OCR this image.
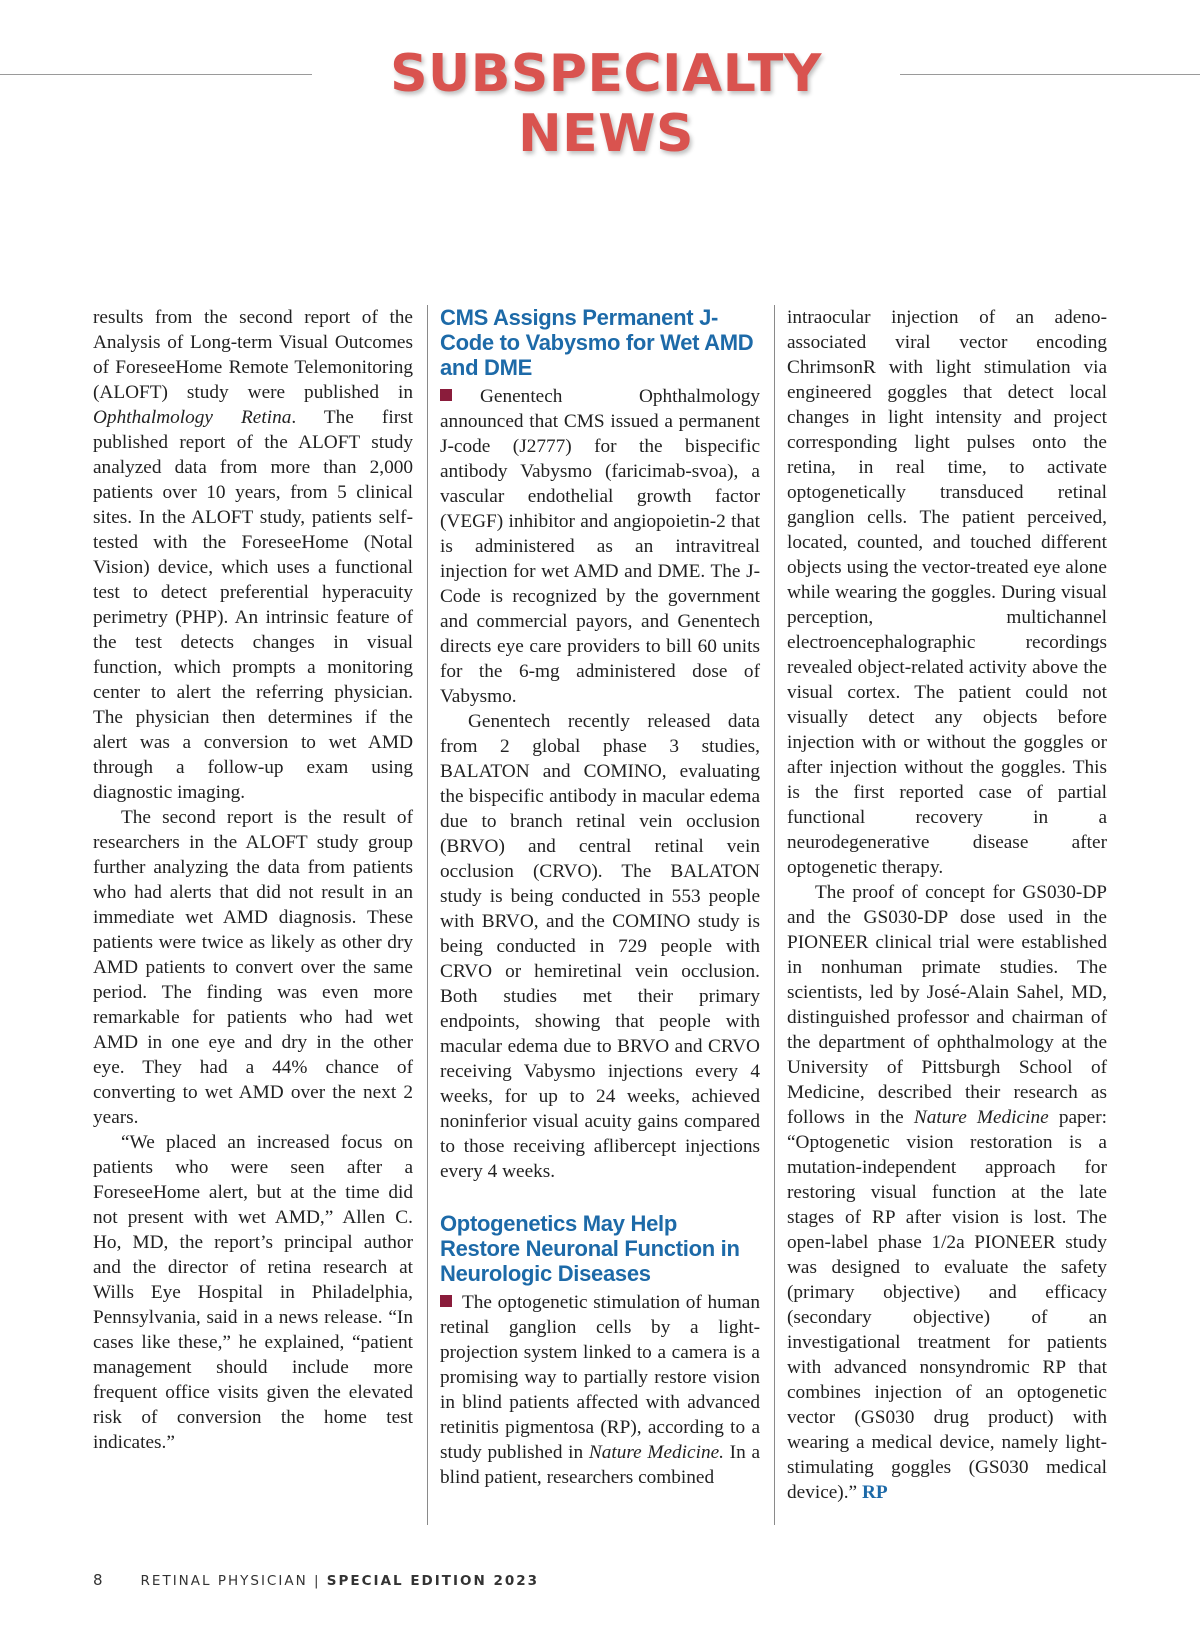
SUBSPECIALTY NEWS

results from the second report of the Analysis of Long-term Visual Outcomes of ForeseeHome Remote Telemonitoring (ALOFT) study were published in Ophthalmology Retina. The first published report of the ALOFT study analyzed data from more than 2,000 patients over 10 years, from 5 clinical sites. In the ALOFT study, patients self-tested with the ForeseeHome (Notal Vision) device, which uses a functional test to detect preferential hyperacuity perimetry (PHP). An intrinsic feature of the test detects changes in visual function, which prompts a monitoring center to alert the referring physician. The physician then determines if the alert was a conversion to wet AMD through a follow-up exam using diagnostic imaging.

The second report is the result of researchers in the ALOFT study group further analyzing the data from patients who had alerts that did not result in an immediate wet AMD diagnosis. These patients were twice as likely as other dry AMD patients to convert over the same period. The finding was even more remarkable for patients who had wet AMD in one eye and dry in the other eye. They had a 44% chance of converting to wet AMD over the next 2 years.

“We placed an increased focus on patients who were seen after a ForeseeHome alert, but at the time did not present with wet AMD,” Allen C. Ho, MD, the report’s principal author and the director of retina research at Wills Eye Hospital in Philadelphia, Pennsylvania, said in a news release. “In cases like these,” he explained, “patient management should include more frequent office visits given the elevated risk of conversion the home test indicates.”

CMS Assigns Permanent J-Code to Vabysmo for Wet AMD and DME

Genentech Ophthalmology announced that CMS issued a permanent J-code (J2777) for the bispecific antibody Vabysmo (faricimab-svoa), a vascular endothelial growth factor (VEGF) inhibitor and angiopoietin-2 that is administered as an intravitreal injection for wet AMD and DME. The J-Code is recognized by the government and commercial payors, and Genentech directs eye care providers to bill 60 units for the 6-mg administered dose of Vabysmo.

Genentech recently released data from 2 global phase 3 studies, BALATON and COMINO, evaluating the bispecific antibody in macular edema due to branch retinal vein occlusion (BRVO) and central retinal vein occlusion (CRVO). The BALATON study is being conducted in 553 people with BRVO, and the COMINO study is being conducted in 729 people with CRVO or hemiretinal vein occlusion. Both studies met their primary endpoints, showing that people with macular edema due to BRVO and CRVO receiving Vabysmo injections every 4 weeks, for up to 24 weeks, achieved noninferior visual acuity gains compared to those receiving aflibercept injections every 4 weeks.

Optogenetics May Help Restore Neuronal Function in Neurologic Diseases

The optogenetic stimulation of human retinal ganglion cells by a light-projection system linked to a camera is a promising way to partially restore vision in blind patients affected with advanced retinitis pigmentosa (RP), according to a study published in Nature Medicine. In a blind patient, researchers combined

intraocular injection of an adeno-associated viral vector encoding ChrimsonR with light stimulation via engineered goggles that detect local changes in light intensity and project corresponding light pulses onto the retina, in real time, to activate optogenetically transduced retinal ganglion cells. The patient perceived, located, counted, and touched different objects using the vector-treated eye alone while wearing the goggles. During visual perception, multichannel electroencephalographic recordings revealed object-related activity above the visual cortex. The patient could not visually detect any objects before injection with or without the goggles or after injection without the goggles. This is the first reported case of partial functional recovery in a neurodegenerative disease after optogenetic therapy.

The proof of concept for GS030-DP and the GS030-DP dose used in the PIONEER clinical trial were established in nonhuman primate studies. The scientists, led by José-Alain Sahel, MD, distinguished professor and chairman of the department of ophthalmology at the University of Pittsburgh School of Medicine, described their research as follows in the Nature Medicine paper: “Optogenetic vision restoration is a mutation-independent approach for restoring visual function at the late stages of RP after vision is lost. The open-label phase 1/2a PIONEER study was designed to evaluate the safety (primary objective) and efficacy (secondary objective) of an investigational treatment for patients with advanced nonsyndromic RP that combines injection of an optogenetic vector (GS030 drug product) with wearing a medical device, namely light-stimulating goggles (GS030 medical device).” RP

8	RETINAL PHYSICIAN | SPECIAL EDITION 2023
